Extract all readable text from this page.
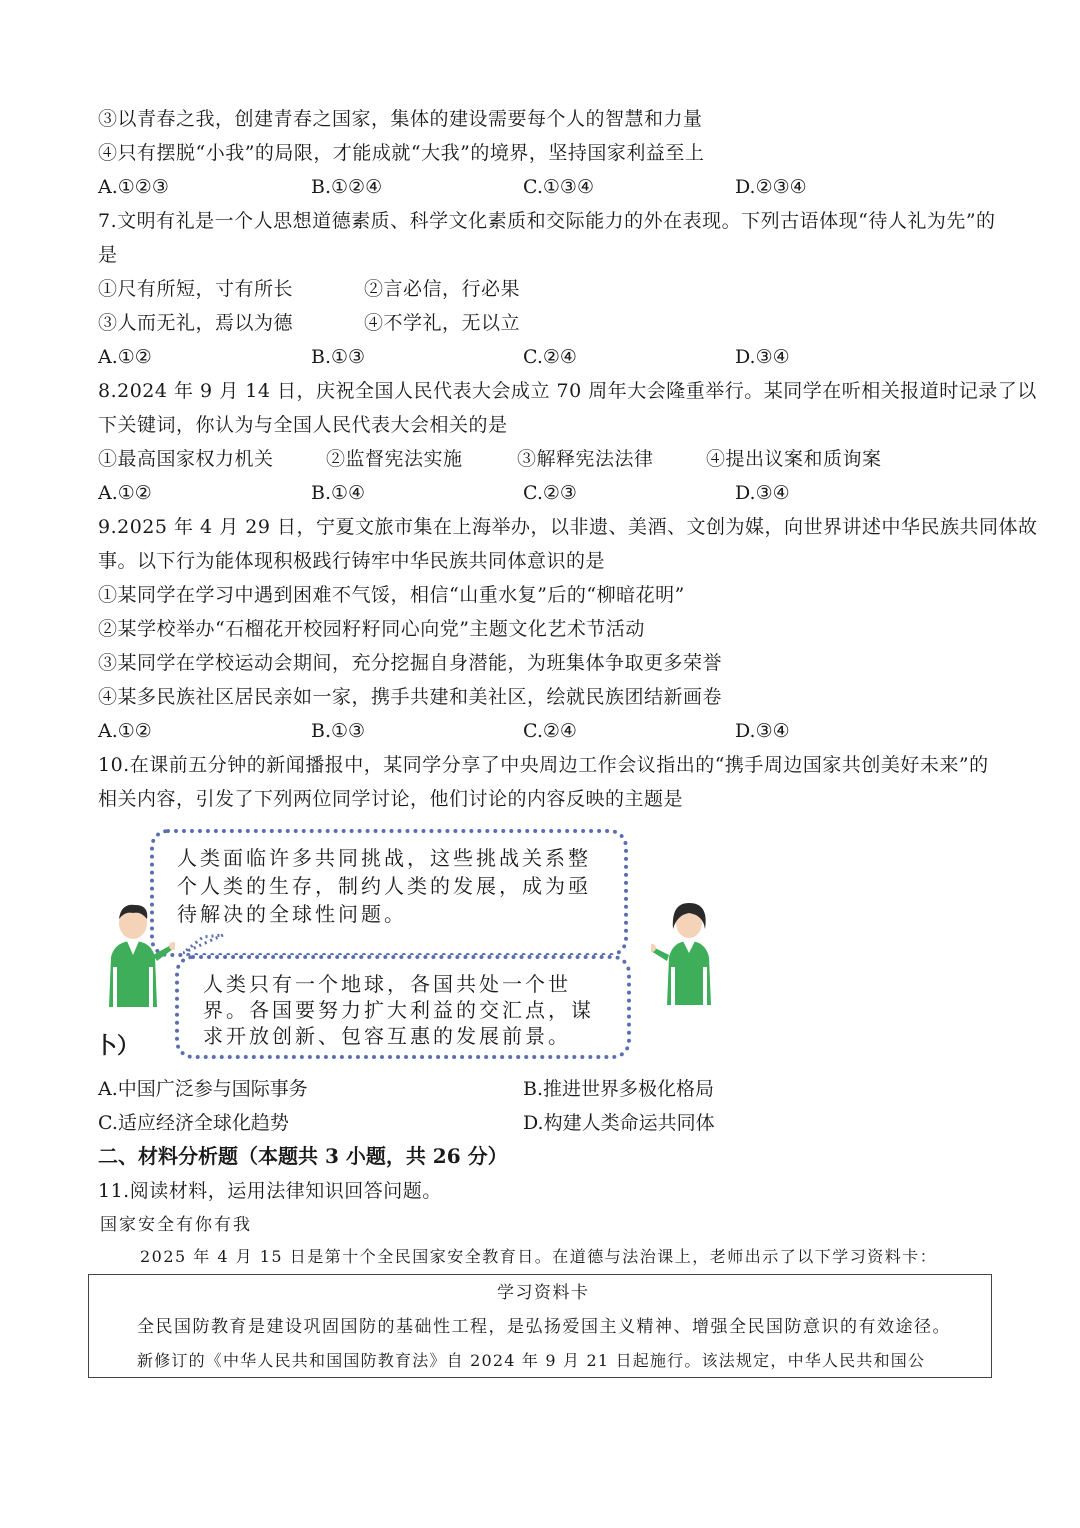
③以青春之我，创建青春之国家，集体的建设需要每个人的智慧和力量
④只有摆脱“小我”的局限，才能成就“大我”的境界，坚持国家利益至上
A.①②③	B.①②④	C.①③④	D.②③④
7.文明有礼是一个人思想道德素质、科学文化素质和交际能力的外在表现。下列古语体现“待人礼为先”的
是
①尺有所短，寸有所长	②言必信，行必果
③人而无礼，焉以为德	④不学礼，无以立
A.①②	B.①③	C.②④	D.③④
8.2024 年 9 月 14 日，庆祝全国人民代表大会成立 70 周年大会隆重举行。某同学在听相关报道时记录了以
下关键词，你认为与全国人民代表大会相关的是
①最高国家权力机关	②监督宪法实施	③解释宪法法律	④提出议案和质询案
A.①②	B.①④	C.②③	D.③④
9.2025 年 4 月 29 日，宁夏文旅市集在上海举办，以非遗、美酒、文创为媒，向世界讲述中华民族共同体故
事。以下行为能体现积极践行铸牢中华民族共同体意识的是
①某同学在学习中遇到困难不气馁，相信“山重水复”后的“柳暗花明”
②某学校举办“石榴花开校园籽籽同心向党”主题文化艺术节活动
③某同学在学校运动会期间，充分挖掘自身潜能，为班集体争取更多荣誉
④某多民族社区居民亲如一家，携手共建和美社区，绘就民族团结新画卷
A.①②	B.①③	C.②④	D.③④
10.在课前五分钟的新闻播报中，某同学分享了中央周边工作会议指出的“携手周边国家共创美好未来”的
相关内容，引发了下列两位同学讨论，他们讨论的内容反映的主题是
人类面临许多共同挑战，这些挑战关系整
个人类的生存，制约人类的发展，成为亟
待解决的全球性问题。
人类只有一个地球，各国共处一个世
界。各国要努力扩大利益的交汇点，谋
求开放创新、包容互惠的发展前景。
卜）
A.中国广泛参与国际事务	B.推进世界多极化格局
C.适应经济全球化趋势	D.构建人类命运共同体
二、材料分析题（本题共 3 小题，共 26 分）
11.阅读材料，运用法律知识回答问题。
国家安全有你有我
2025 年 4 月 15 日是第十个全民国家安全教育日。在道德与法治课上，老师出示了以下学习资料卡：
学习资料卡
全民国防教育是建设巩固国防的基础性工程，是弘扬爱国主义精神、增强全民国防意识的有效途径。
新修订的《中华人民共和国国防教育法》自 2024 年 9 月 21 日起施行。该法规定，中华人民共和国公
